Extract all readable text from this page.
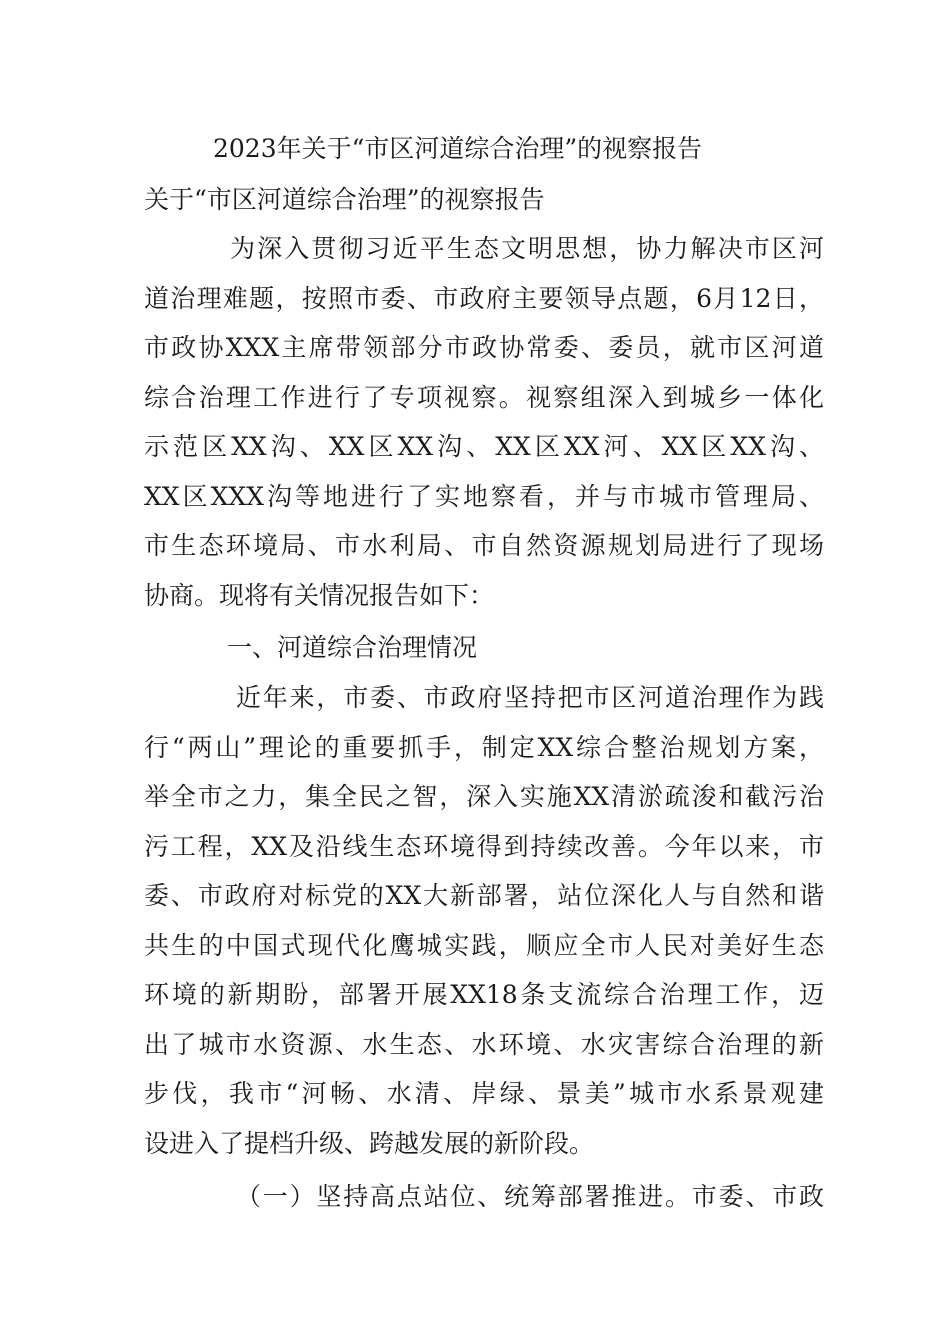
2023年关于“市区河道综合治理”的视察报告
关于“市区河道综合治理”的视察报告
为深入贯彻习近平生态文明思想，协力解决市区河
道治理难题，按照市委、市政府主要领导点题，6月12日，
市政协XXX主席带领部分市政协常委、委员，就市区河道
综合治理工作进行了专项视察。视察组深入到城乡一体化
示范区XX沟、XX区XX沟、XX区XX河、XX区XX沟、
XX区XXX沟等地进行了实地察看，并与市城市管理局、
市生态环境局、市水利局、市自然资源规划局进行了现场
协商。现将有关情况报告如下：
一、河道综合治理情况
近年来，市委、市政府坚持把市区河道治理作为践
行“两山”理论的重要抓手，制定XX综合整治规划方案，
举全市之力，集全民之智，深入实施XX清淤疏浚和截污治
污工程，XX及沿线生态环境得到持续改善。今年以来，市
委、市政府对标党的XX大新部署，站位深化人与自然和谐
共生的中国式现代化鹰城实践，顺应全市人民对美好生态
环境的新期盼，部署开展XX18条支流综合治理工作，迈
出了城市水资源、水生态、水环境、水灾害综合治理的新
步伐，我市“河畅、水清、岸绿、景美”城市水系景观建
设进入了提档升级、跨越发展的新阶段。
（一）坚持高点站位、统筹部署推进。市委、市政
